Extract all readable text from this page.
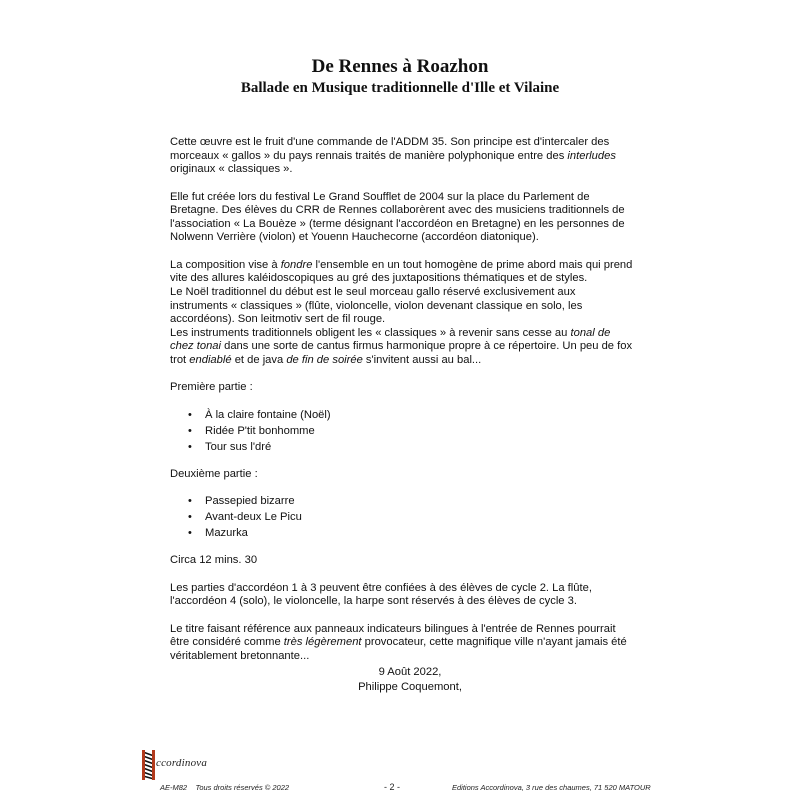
De Rennes à Roazhon
Ballade en Musique traditionnelle d'Ille et Vilaine

Cette œuvre est le fruit d'une commande de l'ADDM 35. Son principe est d'intercaler des morceaux « gallos » du pays rennais traités de manière polyphonique entre des interludes originaux « classiques ».

Elle fut créée lors du festival Le Grand Soufflet de 2004 sur la place du Parlement de Bretagne. Des élèves du CRR de Rennes collaborèrent avec des musiciens traditionnels de l'association « La Bouèze » (terme désignant l'accordéon en Bretagne) en les personnes de Nolwenn Verrière (violon) et Youenn Hauchecorne (accordéon diatonique).

La composition vise à fondre l'ensemble en un tout homogène de prime abord mais qui prend vite des allures kaléidoscopiques au gré des juxtapositions thématiques et de styles.

Le Noël traditionnel du début est le seul morceau gallo réservé exclusivement aux instruments « classiques » (flûte, violoncelle, violon devenant classique en solo, les accordéons). Son leitmotiv sert de fil rouge.

Les instruments traditionnels obligent les « classiques » à revenir sans cesse au tonal de chez tonai dans une sorte de cantus firmus harmonique propre à ce répertoire. Un peu de fox trot endiablé et de java de fin de soirée s'invitent aussi au bal...

Première partie :
• À la claire fontaine (Noël)
• Ridée P'tit bonhomme
• Tour sus l'dré
Deuxième partie :
• Passepied bizarre
• Avant-deux Le Picu
• Mazurka

Circa 12 mins. 30

Les parties d'accordéon 1 à 3 peuvent être confiées à des élèves de cycle 2. La flûte, l'accordéon 4 (solo), le violoncelle, la harpe sont réservés à des élèves de cycle 3.

Le titre faisant référence aux panneaux indicateurs bilingues à l'entrée de Rennes pourrait être considéré comme très légèrement provocateur, cette magnifique ville n'ayant jamais été véritablement bretonnante...

9 Août 2022,
Philippe Coquemont,
ccordinova
AE-M82 Tous droits réservés © 2022	- 2 -	Editions Accordinova, 3 rue des chaumes, 71 520 MATOUR
